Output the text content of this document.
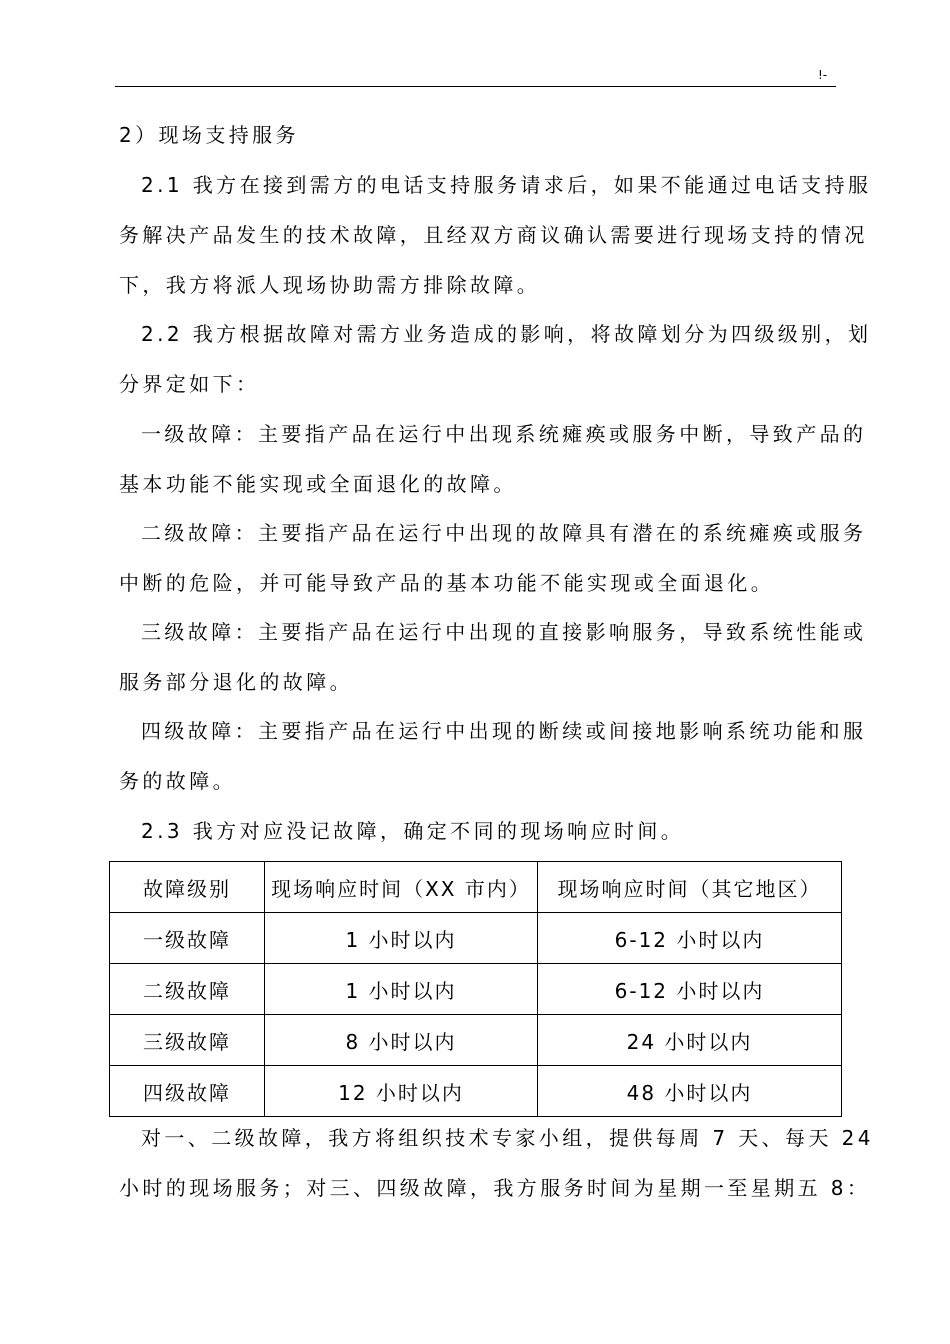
!-
2）现场支持服务
2.1 我方在接到需方的电话支持服务请求后，如果不能通过电话支持服
务解决产品发生的技术故障，且经双方商议确认需要进行现场支持的情况
下，我方将派人现场协助需方排除故障。
2.2 我方根据故障对需方业务造成的影响，将故障划分为四级级别，划
分界定如下：
一级故障：主要指产品在运行中出现系统瘫痪或服务中断，导致产品的
基本功能不能实现或全面退化的故障。
二级故障：主要指产品在运行中出现的故障具有潜在的系统瘫痪或服务
中断的危险，并可能导致产品的基本功能不能实现或全面退化。
三级故障：主要指产品在运行中出现的直接影响服务，导致系统性能或
服务部分退化的故障。
四级故障：主要指产品在运行中出现的断续或间接地影响系统功能和服
务的故障。
2.3 我方对应没记故障，确定不同的现场响应时间。
故障级别	现场响应时间（XX 市内）	现场响应时间（其它地区）
一级故障	1 小时以内	6-12 小时以内
二级故障	1 小时以内	6-12 小时以内
三级故障	8 小时以内	24 小时以内
四级故障	12 小时以内	48 小时以内
对一、二级故障，我方将组织技术专家小组，提供每周 7 天、每天 24
小时的现场服务；对三、四级故障，我方服务时间为星期一至星期五 8：
